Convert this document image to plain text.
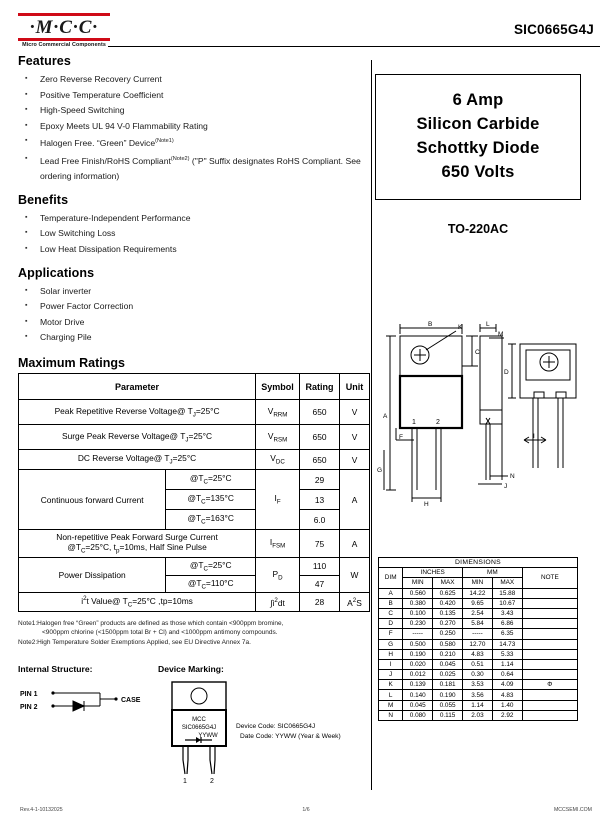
·M·C·C·
Micro Commercial Components
SIC0665G4J
Features
▪ Zero Reverse Recovery Current
▪ Positive Temperature Coefficient
▪ High-Speed Switching
▪ Epoxy Meets UL 94 V-0 Flammability Rating
▪ Halogen Free. “Green” Device$^{(Note1)}$
▪ Lead Free Finish/RoHS Compliant$^{(Note2)}$ ("P" Suffix designates RoHS Compliant. See ordering information)
Benefits
▪ Temperature-Independent Performance
▪ Low Switching Loss
▪ Low Heat Dissipation Requirements
Applications
▪ Solar inverter
▪ Power Factor Correction
▪ Motor Drive
▪ Charging Pile
Maximum Ratings
Parameter		Symbol	Rating	Unit
Peak Repetitive Reverse Voltage@ $T_J=25^\circ C$		$V_{RRM}$	650	V
Surge Peak Reverse Voltage@ $T_J=25^\circ C$		$V_{RSM}$	650	V
DC Reverse Voltage@ $T_J=25^\circ C$		$V_{DC}$	650	V
Continuous forward Current	$@T_C=25^\circ C$	$I_F$	29	A
	$@T_C=135^\circ C$		13	
	$@T_C=163^\circ C$		6.0	
Non-repetitive Peak Forward Surge Current
$@T_C=25^\circ C$, $t_p=10ms$, Half Sine Pulse		$I_{FSM}$	75	A
Power Dissipation	$@T_C=25^\circ C$	$P_D$	110	W
	$@T_C=110^\circ C$		47	
$i^2t$ Value@ $T_C=25^\circ C$ ,tp=10ms		$\int i^2dt$	28	$A^2S$
Note1:Halogen free “Green” products are defined as those which contain <900ppm bromine,
<900ppm chlorine (<1500ppm total Br + Cl) and <1000ppm antimony compounds.
Note2:High Temperature Solder Exemptions Applied, see EU Directive Annex 7a.
6 Amp
Silicon Carbide
Schottky Diode
650 Volts
TO-220AC
B	K
C
A
F
G
H
L
M
N
J
D
I
1	2
DIMENSIONS					
DIM	INCHES		MM		NOTE
	MIN	MAX	MIN	MAX	
A	0.560	0.625	14.22	15.88	
B	0.380	0.420	9.65	10.67	
C	0.100	0.135	2.54	3.43	
D	0.230	0.270	5.84	6.86	
F	-----	0.250	-----	6.35	
G	0.500	0.580	12.70	14.73	
H	0.190	0.210	4.83	5.33	
I	0.020	0.045	0.51	1.14	
J	0.012	0.025	0.30	0.64	
K	0.139	0.181	3.53	4.09	Φ
L	0.140	0.190	3.56	4.83	
M	0.045	0.055	1.14	1.40	
N	0.080	0.115	2.03	2.92	
Internal Structure:
PIN 1
PIN 2
CASE
Device Marking:
MCC
SIC0665G4J
YYWW
1	2
Device Code: SIC0665G4J
Date Code: YYWW (Year & Week)
Rev.4-1-10132025	1/6	MCCSEMI.COM
